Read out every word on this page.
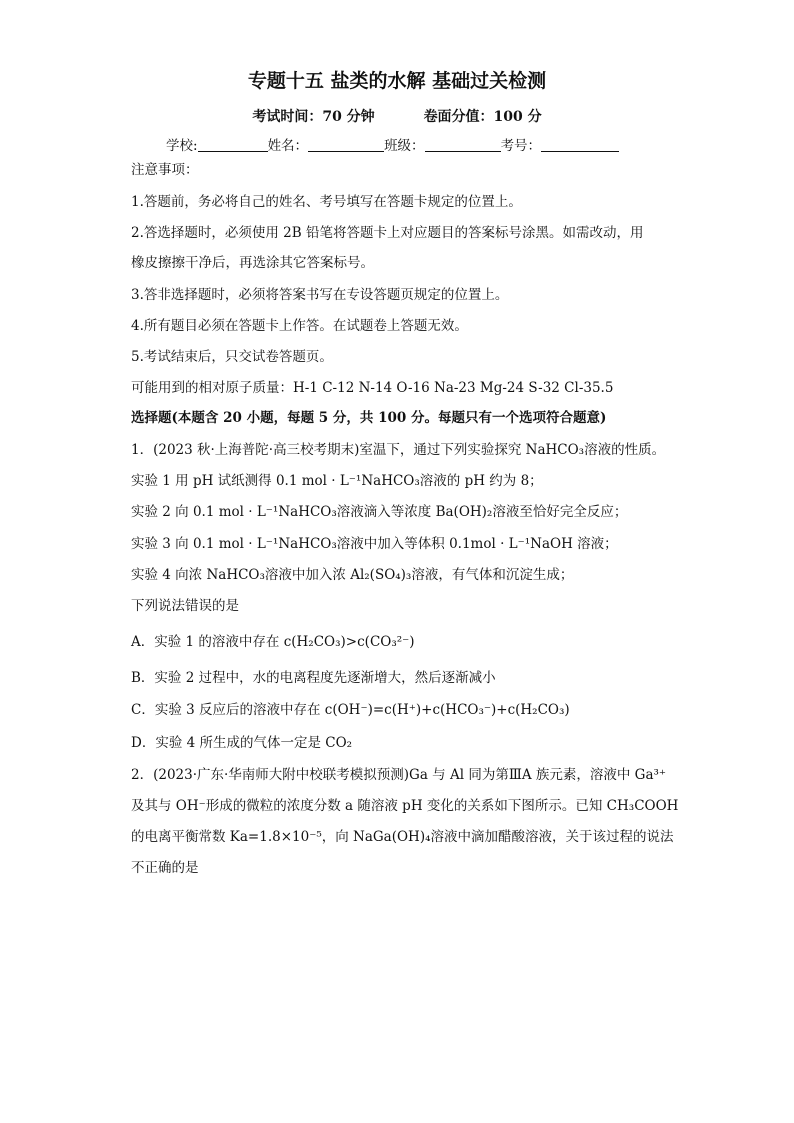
专题十五 盐类的水解 基础过关检测
考试时间：70 分钟	卷面分值：100 分
学校:	姓名：	班级：	考号：
注意事项：
1.答题前，务必将自己的姓名、考号填写在答题卡规定的位置上。
2.答选择题时，必须使用 2B 铅笔将答题卡上对应题目的答案标号涂黑。如需改动，用
橡皮擦擦干净后，再选涂其它答案标号。
3.答非选择题时，必须将答案书写在专设答题页规定的位置上。
4.所有题目必须在答题卡上作答。在试题卷上答题无效。
5.考试结束后，只交试卷答题页。
可能用到的相对原子质量：H-1 C-12 N-14 O-16 Na-23 Mg-24 S-32 Cl-35.5
选择题(本题含 20 小题，每题 5 分，共 100 分。每题只有一个选项符合题意)
1．(2023 秋·上海普陀·高三校考期末)室温下，通过下列实验探究 NaHCO₃溶液的性质。
实验 1 用 pH 试纸测得 0.1 mol · L⁻¹NaHCO₃溶液的 pH 约为 8；
实验 2 向 0.1 mol · L⁻¹NaHCO₃溶液滴入等浓度 Ba(OH)₂溶液至恰好完全反应；
实验 3 向 0.1 mol · L⁻¹NaHCO₃溶液中加入等体积 0.1mol · L⁻¹NaOH 溶液；
实验 4 向浓 NaHCO₃溶液中加入浓 Al₂(SO₄)₃溶液，有气体和沉淀生成；
下列说法错误的是
A．实验 1 的溶液中存在 c(H₂CO₃)>c(CO₃²⁻)
B．实验 2 过程中，水的电离程度先逐渐增大，然后逐渐减小
C．实验 3 反应后的溶液中存在 c(OH⁻)=c(H⁺)+c(HCO₃⁻)+c(H₂CO₃)
D．实验 4 所生成的气体一定是 CO₂
2．(2023·广东·华南师大附中校联考模拟预测)Ga 与 Al 同为第ⅢA 族元素，溶液中 Ga³⁺
及其与 OH⁻形成的微粒的浓度分数 a 随溶液 pH 变化的关系如下图所示。已知 CH₃COOH
的电离平衡常数 Ka=1.8×10⁻⁵，向 NaGa(OH)₄溶液中滴加醋酸溶液，关于该过程的说法
不正确的是
